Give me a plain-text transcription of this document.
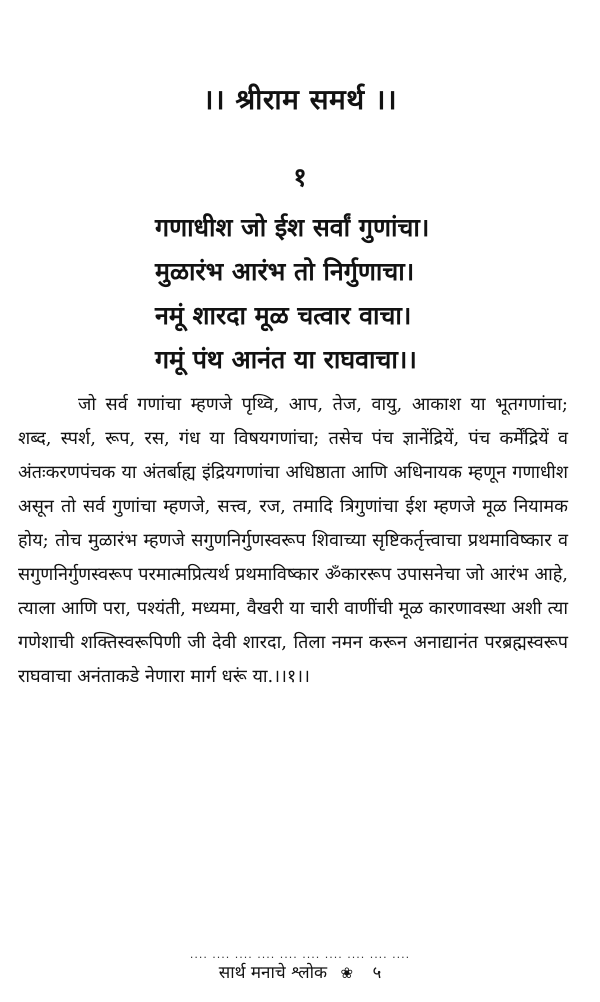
।। श्रीराम समर्थ ।।
१
गणाधीश जो ईश सर्वां गुणांचा।
मुळारंभ आरंभ तो निर्गुणाचा।
नमूं शारदा मूळ चत्वार वाचा।
गमूं पंथ आनंत या राघवाचा।।
जो सर्व गणांचा म्हणजे पृथ्वि, आप, तेज, वायु, आकाश या भूतगणांचा; शब्द, स्पर्श, रूप, रस, गंध या विषयगणांचा; तसेच पंच ज्ञानेंद्रियें, पंच कर्मेंद्रियें व अंतःकरणपंचक या अंतर्बाह्य इंद्रियगणांचा अधिष्ठाता आणि अधिनायक म्हणून गणाधीश असून तो सर्व गुणांचा म्हणजे, सत्त्व, रज, तमादि त्रिगुणांचा ईश म्हणजे मूळ नियामक होय; तोच मुळारंभ म्हणजे सगुणनिर्गुणस्वरूप शिवाच्या सृष्टिकर्तृत्त्वाचा प्रथमाविष्कार व सगुणनिर्गुणस्वरूप परमात्मप्रित्यर्थ प्रथमाविष्कार ॐकाररूप उपासनेचा जो आरंभ आहे, त्याला आणि परा, पश्यंती, मध्यमा, वैखरी या चारी वाणींची मूळ कारणावस्था अशी त्या गणेशाची शक्तिस्वरूपिणी जी देवी शारदा, तिला नमन करून अनाद्यानंत परब्रह्मस्वरूप राघवाचा अनंताकडे नेणारा मार्ग धरूं या.।।१।।
.... .... .... .... .... .... .... .... .... ....
सार्थ मनाचे श्लोक ❀ ५
